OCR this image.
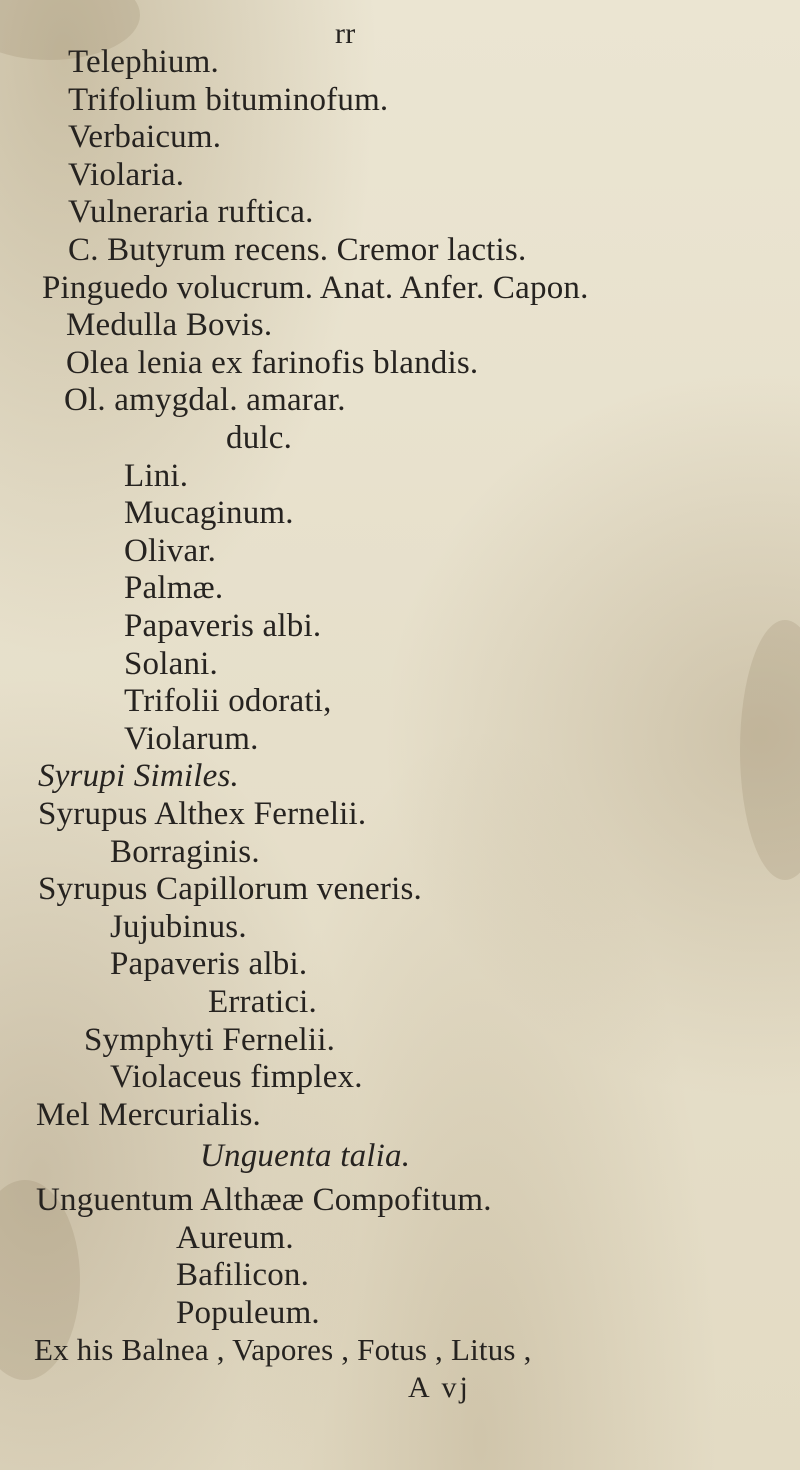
rr
Telephium.
Trifolium bituminofum.
Verbaicum.
Violaria.
Vulneraria ruftica.
C. Butyrum recens. Cremor lactis.
Pinguedo volucrum. Anat. Anfer. Capon.
Medulla Bovis.
Olea lenia ex farinofis blandis.
Ol. amygdal. amarar.
dulc.
Lini.
Mucaginum.
Olivar.
Palmæ.
Papaveris albi.
Solani.
Trifolii odorati,
Violarum.
Syrupi Similes.
Syrupus Althex Fernelii.
Borraginis.
Syrupus Capillorum veneris.
Jujubinus.
Papaveris albi.
Erratici.
Symphyti Fernelii.
Violaceus fimplex.
Mel Mercurialis.
Unguenta talia.
Unguentum Althææ Compofitum.
Aureum.
Bafilicon.
Populeum.
Ex his Balnea , Vapores , Fotus , Litus ,
A vj
